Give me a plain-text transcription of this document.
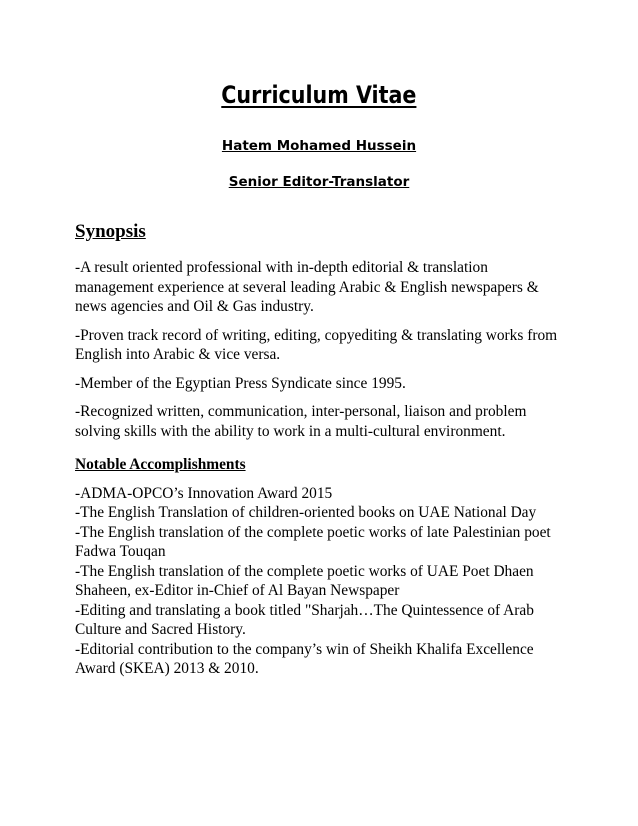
Curriculum Vitae
Hatem Mohamed Hussein
Senior Editor-Translator
Synopsis

-A result oriented professional with in-depth editorial & translation management experience at several leading Arabic & English newspapers & news agencies and Oil & Gas industry.

-Proven track record of writing, editing, copyediting & translating works from English into Arabic & vice versa.

-Member of the Egyptian Press Syndicate since 1995.

-Recognized written, communication, inter-personal, liaison and problem solving skills with the ability to work in a multi-cultural environment.

Notable Accomplishments

-ADMA-OPCO’s Innovation Award 2015

-The English Translation of children-oriented books on UAE National Day

-The English translation of the complete poetic works of late Palestinian poet Fadwa Touqan

-The English translation of the complete poetic works of UAE Poet Dhaen Shaheen, ex-Editor in-Chief of Al Bayan Newspaper

-Editing and translating a book titled "Sharjah…The Quintessence of Arab Culture and Sacred History.

-Editorial contribution to the company’s win of Sheikh Khalifa Excellence Award (SKEA) 2013 & 2010.
